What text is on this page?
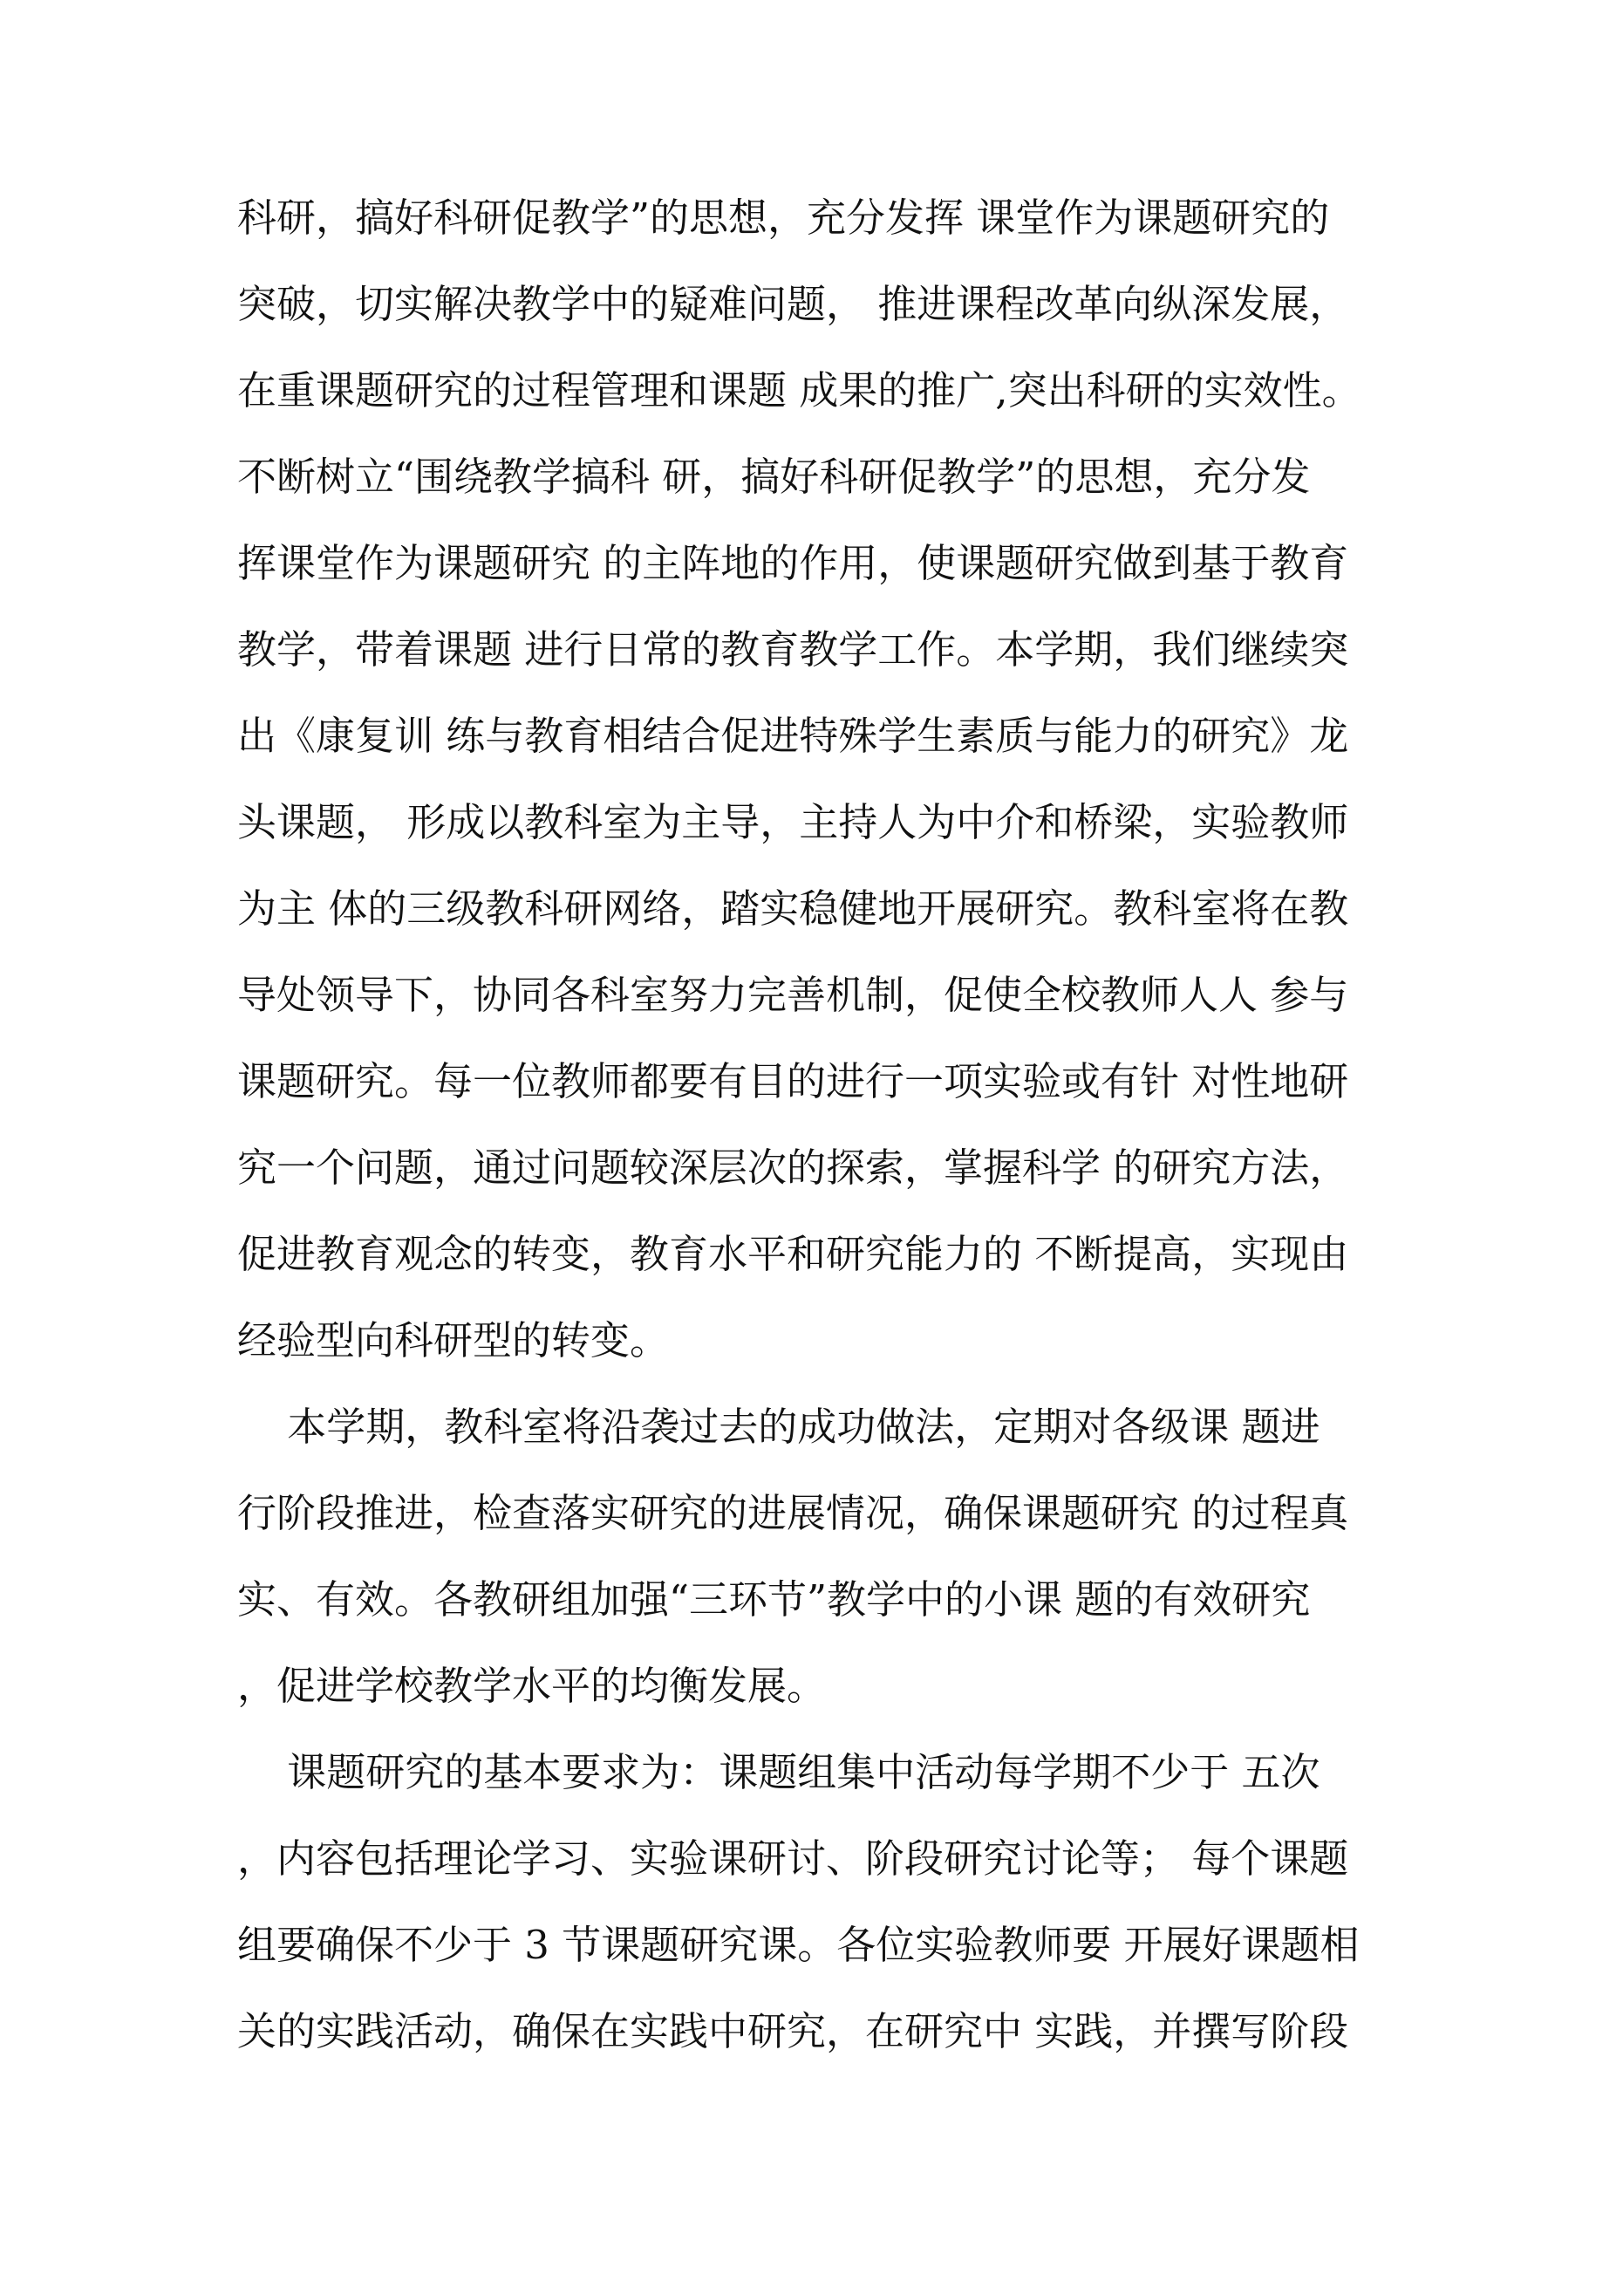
科研，搞好科研促教学”的思想，充分发挥 课堂作为课题研究的
突破，切实解决教学中的疑难问题， 推进课程改革向纵深发展，
在重课题研究的过程管理和课题 成果的推广,突出科研的实效性。
不断树立“围绕教学搞科 研，搞好科研促教学”的思想，充分发
挥课堂作为课题研究 的主阵地的作用，使课题研究做到基于教育
教学，带着课题 进行日常的教育教学工作。本学期，我们继续突
出《康复训 练与教育相结合促进特殊学生素质与能力的研究》龙
头课题， 形成以教科室为主导，主持人为中介和桥梁，实验教师
为主 体的三级教科研网络，踏实稳健地开展研究。教科室将在教
导处领导下，协同各科室努力完善机制，促使全校教师人人 参与
课题研究。每一位教师都要有目的进行一项实验或有针 对性地研
究一个问题，通过问题较深层次的探索，掌握科学 的研究方法，
促进教育观念的转变，教育水平和研究能力的 不断提高，实现由
经验型向科研型的转变。
本学期，教科室将沿袭过去的成功做法，定期对各级课 题进
行阶段推进，检查落实研究的进展情况，确保课题研究 的过程真
实、有效。各教研组加强“三环节”教学中的小课 题的有效研究
，促进学校教学水平的均衡发展。
课题研究的基本要求为：课题组集中活动每学期不少于 五次
，内容包括理论学习、实验课研讨、阶段研究讨论等； 每个课题
组要确保不少于 3 节课题研究课。各位实验教师要 开展好课题相
关的实践活动，确保在实践中研究，在研究中 实践，并撰写阶段
